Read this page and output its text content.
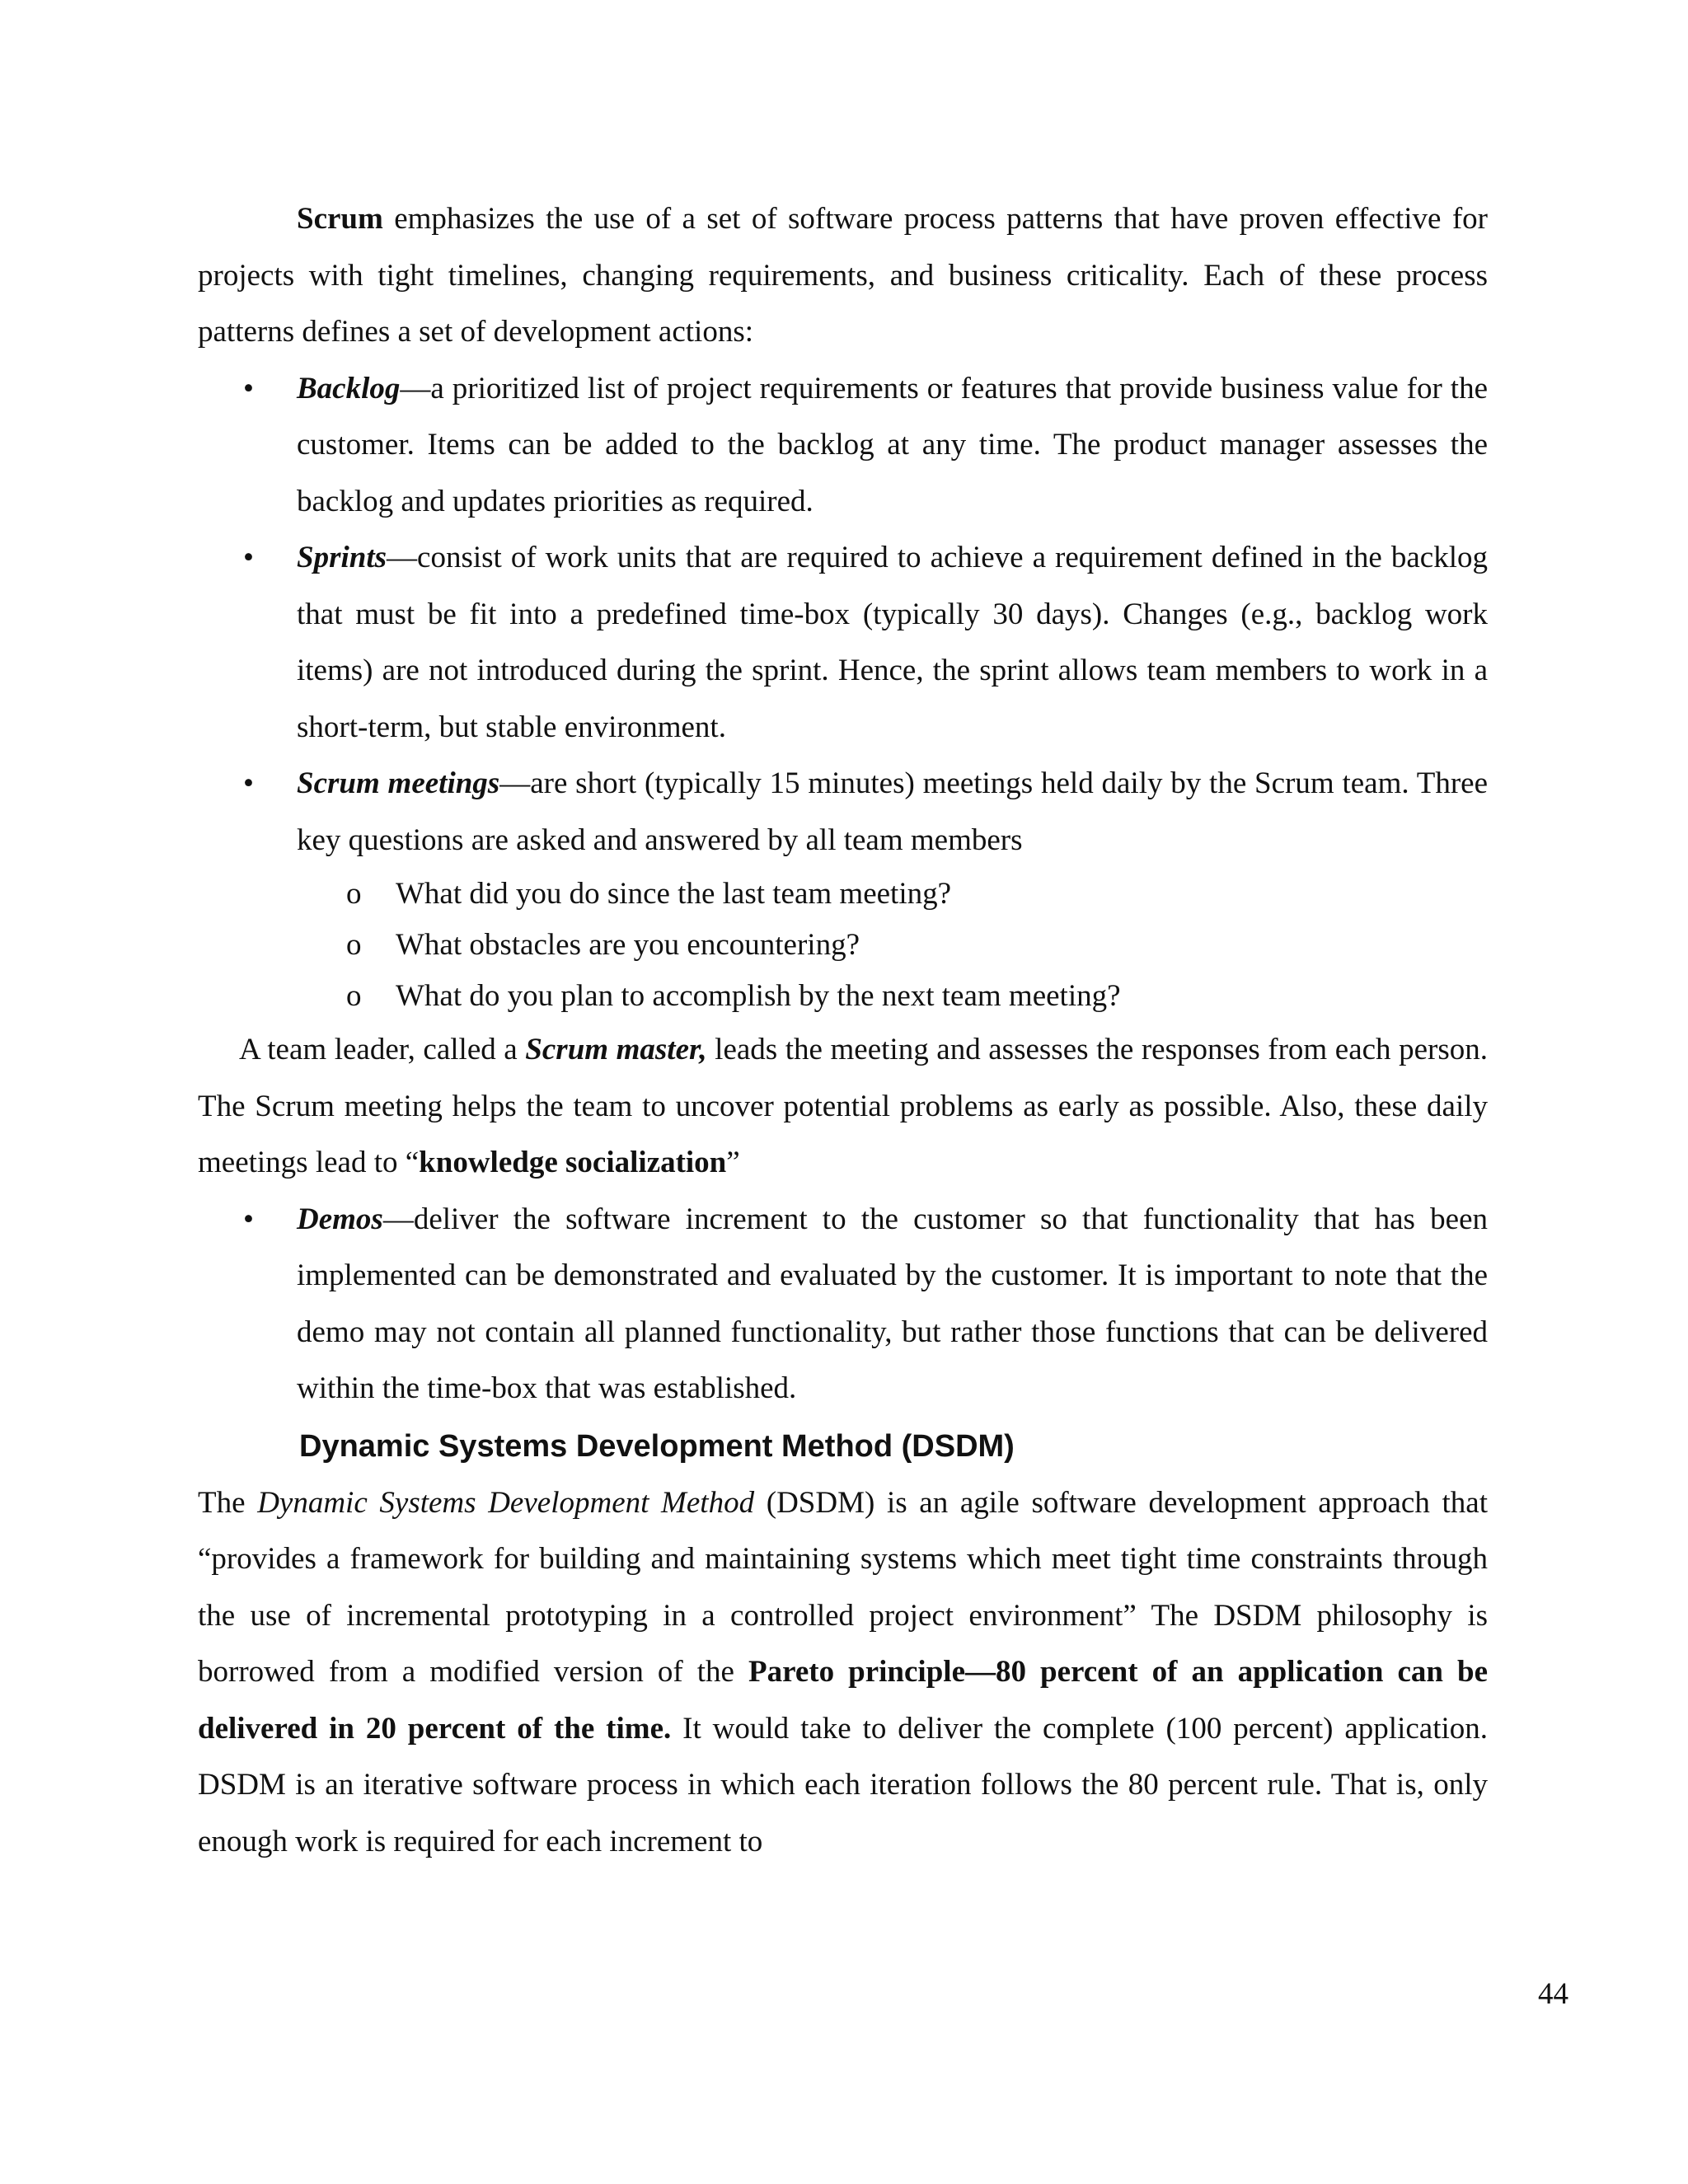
Scrum emphasizes the use of a set of software process patterns that have proven effective for projects with tight timelines, changing requirements, and business criticality. Each of these process patterns defines a set of development actions:

• Backlog—a prioritized list of project requirements or features that provide business value for the customer. Items can be added to the backlog at any time. The product manager assesses the backlog and updates priorities as required.
• Sprints—consist of work units that are required to achieve a requirement defined in the backlog that must be fit into a predefined time-box (typically 30 days). Changes (e.g., backlog work items) are not introduced during the sprint. Hence, the sprint allows team members to work in a short-term, but stable environment.
• Scrum meetings—are short (typically 15 minutes) meetings held daily by the Scrum team. Three key questions are asked and answered by all team members
o What did you do since the last team meeting?
o What obstacles are you encountering?
o What do you plan to accomplish by the next team meeting?

A team leader, called a Scrum master, leads the meeting and assesses the responses from each person. The Scrum meeting helps the team to uncover potential problems as early as possible. Also, these daily meetings lead to “knowledge socialization”

• Demos—deliver the software increment to the customer so that functionality that has been implemented can be demonstrated and evaluated by the customer. It is important to note that the demo may not contain all planned functionality, but rather those functions that can be delivered within the time-box that was established.
Dynamic Systems Development Method (DSDM)

The Dynamic Systems Development Method (DSDM) is an agile software development approach that “provides a framework for building and maintaining systems which meet tight time constraints through the use of incremental prototyping in a controlled project environment” The DSDM philosophy is borrowed from a modified version of the Pareto principle—80 percent of an application can be delivered in 20 percent of the time. It would take to deliver the complete (100 percent) application. DSDM is an iterative software process in which each iteration follows the 80 percent rule. That is, only enough work is required for each increment to

44
